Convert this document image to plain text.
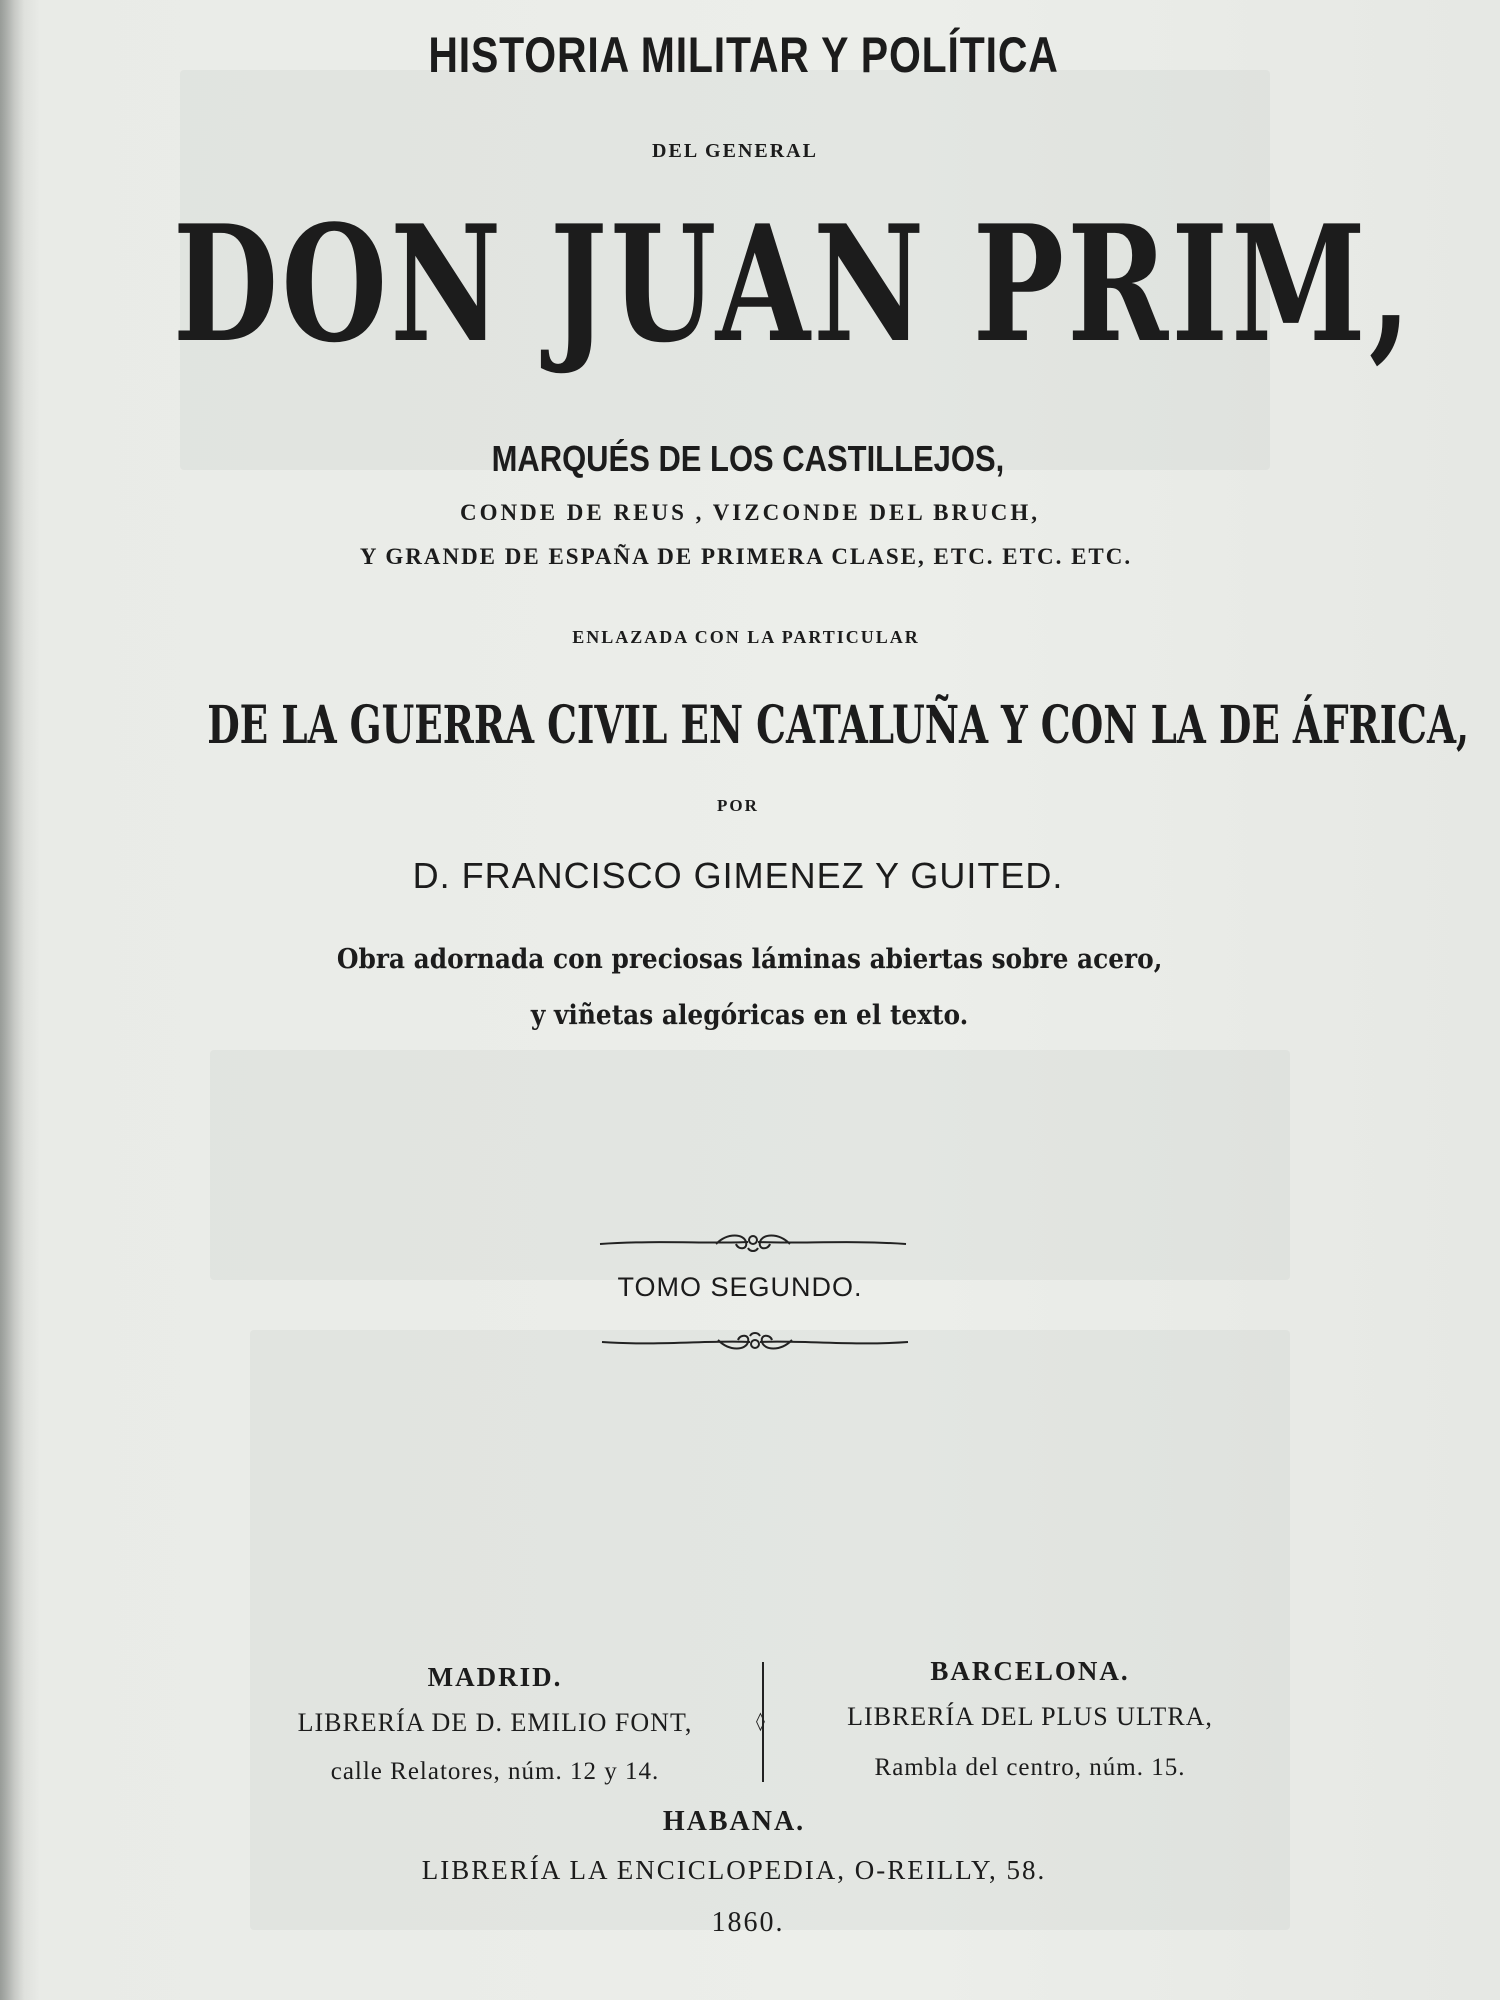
HISTORIA MILITAR Y POLÍTICA
DEL GENERAL
DON JUAN PRIM,
MARQUÉS DE LOS CASTILLEJOS,
CONDE DE REUS , VIZCONDE DEL BRUCH,
Y GRANDE DE ESPAÑA DE PRIMERA CLASE, ETC. ETC. ETC.
ENLAZADA CON LA PARTICULAR
DE LA GUERRA CIVIL EN CATALUÑA Y CON LA DE ÁFRICA,
POR
D. FRANCISCO GIMENEZ Y GUITED.
Obra adornada con preciosas láminas abiertas sobre acero,
y viñetas alegóricas en el texto.
TOMO SEGUNDO.
MADRID.
LIBRERÍA DE D. EMILIO FONT,
calle Relatores, núm. 12 y 14.
◊
BARCELONA.
LIBRERÍA DEL PLUS ULTRA,
Rambla del centro, núm. 15.
HABANA.
LIBRERÍA LA ENCICLOPEDIA, O-REILLY, 58.
1860.
